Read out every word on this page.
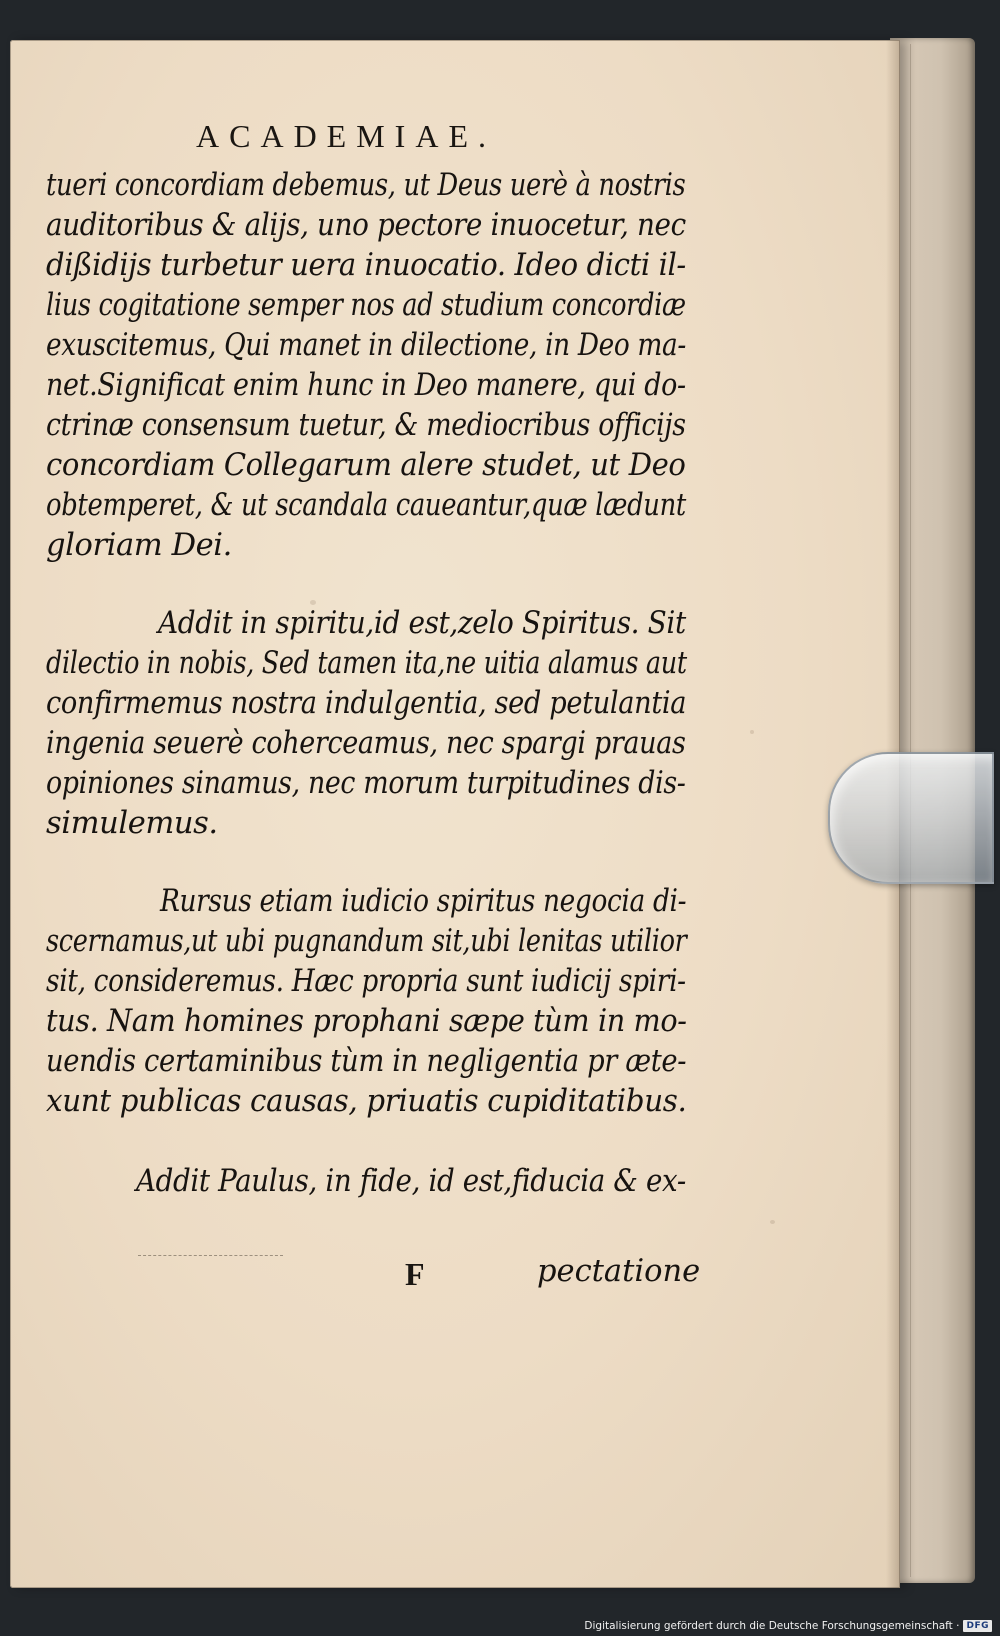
ACADEMIAE.
tueri concordiam debemus, ut Deus uerè à nostris
auditoribus & alijs, uno pectore inuocetur, nec
dißidijs turbetur uera inuocatio. Ideo dicti il-
lius cogitatione semper nos ad studium concordiæ
exuscitemus, Qui manet in dilectione, in Deo ma-
net.Significat enim hunc in Deo manere, qui do-
ctrinæ consensum tuetur, & mediocribus officijs
concordiam Collegarum alere studet, ut Deo
obtemperet, & ut scandala caueantur,quæ lædunt
gloriam Dei.
Addit in spiritu,id est,zelo Spiritus. Sit
dilectio in nobis, Sed tamen ita,ne uitia alamus aut
confirmemus nostra indulgentia, sed petulantia
ingenia seuerè coherceamus, nec spargi prauas
opiniones sinamus, nec morum turpitudines dis-
simulemus.
Rursus etiam iudicio spiritus negocia di-
scernamus,ut ubi pugnandum sit,ubi lenitas utilior
sit, consideremus. Hæc propria sunt iudicij spiri-
tus. Nam homines prophani sæpe tùm in mo-
uendis certaminibus tùm in negligentia pr æte-
xunt publicas causas, priuatis cupiditatibus.
Addit Paulus, in fide, id est,fiducia & ex-
F	pectatione
Digitalisierung gefördert durch die Deutsche Forschungsgemeinschaft · DFG
